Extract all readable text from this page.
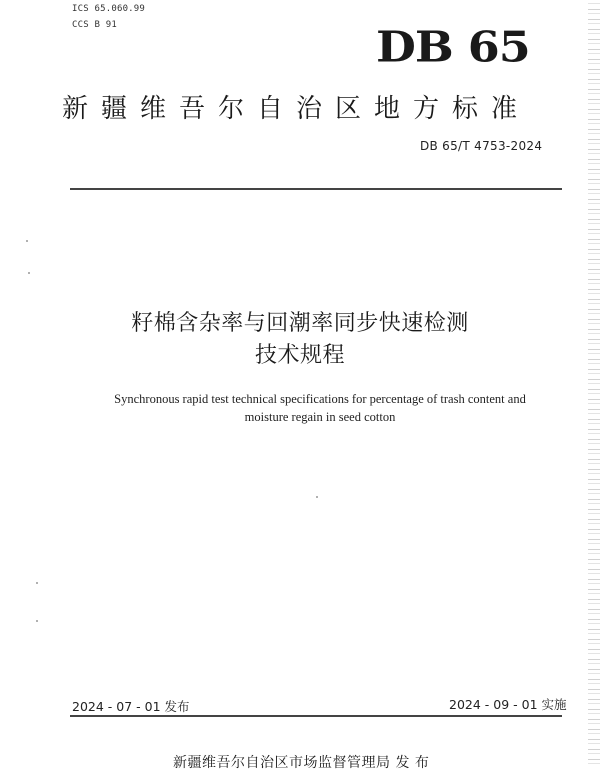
ICS 65.060.99
CCS B 91	DB 65
新疆维吾尔自治区地方标准
DB 65/T 4753-2024
籽棉含杂率与回潮率同步快速检测
技术规程
Synchronous rapid test technical specifications for percentage of trash content and
moisture regain in seed cotton
2024 - 07 - 01 发布	2024 - 09 - 01 实施
新疆维吾尔自治区市场监督管理局 发 布
